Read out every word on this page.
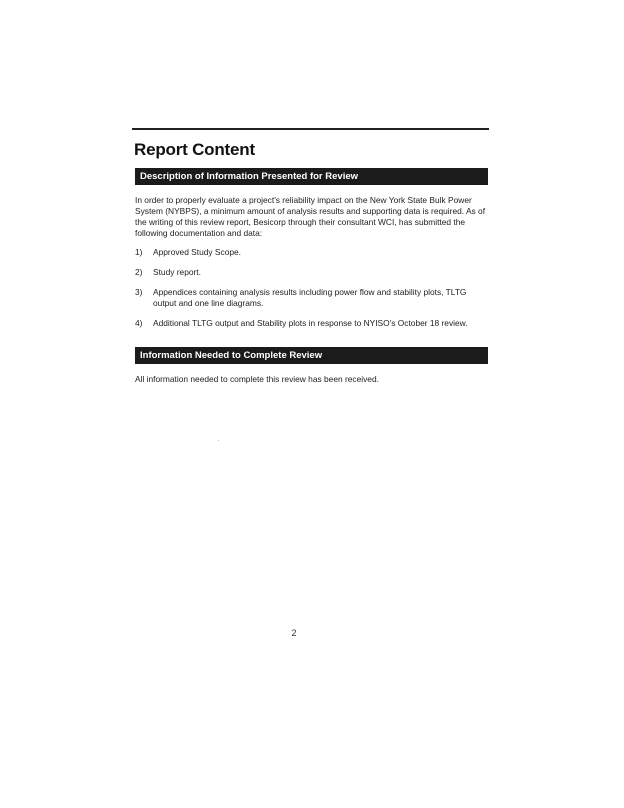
Report Content
Description of Information Presented for Review

In order to properly evaluate a project's reliability impact on the New York State Bulk Power System (NYBPS), a minimum amount of analysis results and supporting data is required. As of the writing of this review report, Besicorp through their consultant WCI, has submitted the following documentation and data:

1) Approved Study Scope.
2) Study report.
3) Appendices containing analysis results including power flow and stability plots, TLTG output and one line diagrams.
4) Additional TLTG output and Stability plots in response to NYISO's October 18 review.
Information Needed to Complete Review

All information needed to complete this review has been received.

2
